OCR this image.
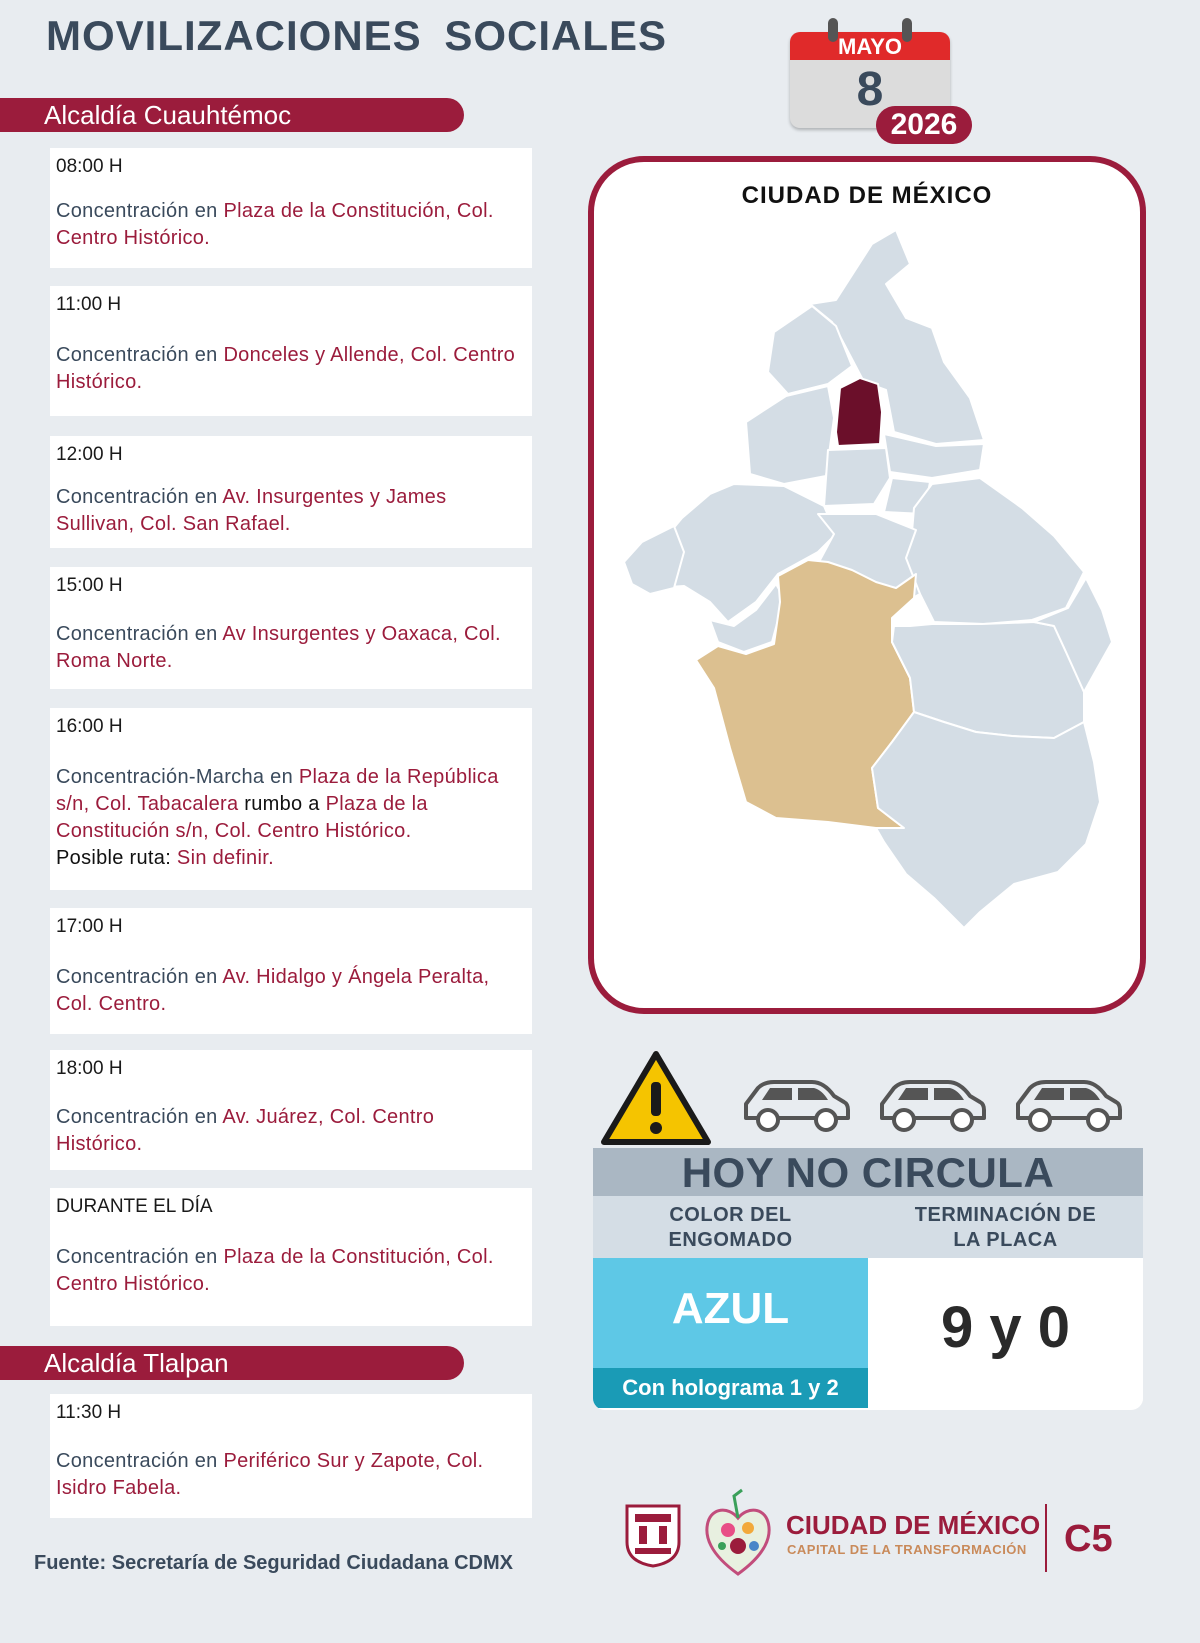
MOVILIZACIONES SOCIALES	MAYO
8
2026
Alcaldía Cuauhtémoc
Alcaldía Tlalpan
08:00 H
Concentración en Plaza de la Constitución, Col. Centro Histórico.
11:00 H
Concentración en Donceles y Allende, Col. Centro Histórico.
12:00 H
Concentración en Av. Insurgentes y James Sullivan, Col. San Rafael.
15:00 H
Concentración en Av Insurgentes y Oaxaca, Col. Roma Norte.
16:00 H
Concentración-Marcha en Plaza de la República s/n, Col. Tabacalera rumbo a Plaza de la Constitución s/n, Col. Centro Histórico.
Posible ruta: Sin definir.
17:00 H
Concentración en Av. Hidalgo y Ángela Peralta, Col. Centro.
18:00 H
Concentración en Av. Juárez, Col. Centro Histórico.
DURANTE EL DÍA
Concentración en Plaza de la Constitución, Col. Centro Histórico.
11:30 H
Concentración en Periférico Sur y Zapote, Col. Isidro Fabela.
CIUDAD DE MÉXICO
HOY NO CIRCULA
COLOR DEL
ENGOMADO
TERMINACIÓN DE
LA PLACA
AZUL
Con holograma 1 y 2
9 y 0
Fuente: Secretaría de Seguridad Ciudadana CDMX
CIUDAD DE MÉXICO
CAPITAL DE LA TRANSFORMACIÓN C5
